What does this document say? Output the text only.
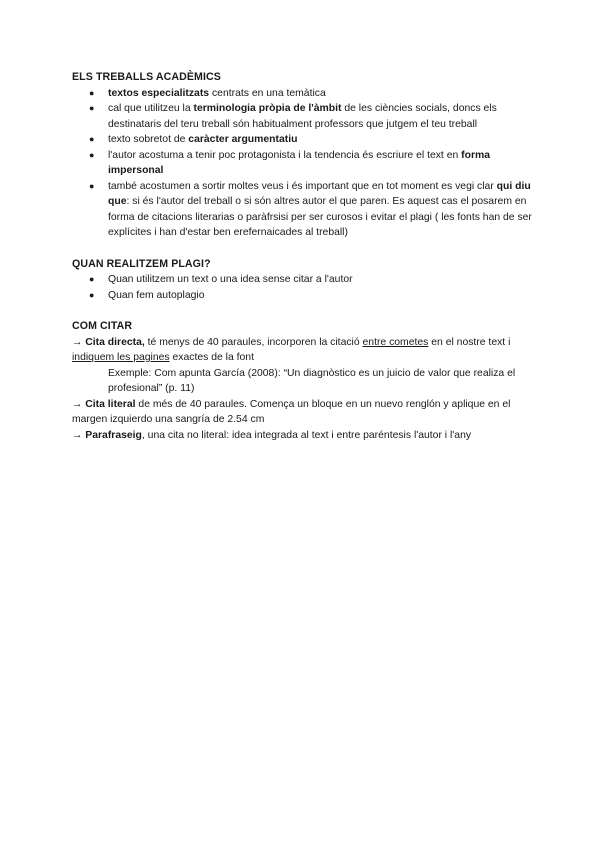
ELS TREBALLS ACADÈMICS
● textos especialitzats centrats en una temàtica
● cal que utilitzeu la terminologia pròpia de l'àmbit de les ciències socials, doncs els destinataris del teru treball són habitualment professors que jutgem el teu treball
● texto sobretot de caràcter argumentatiu
● l'autor acostuma a tenir poc protagonista i la tendencia és escriure el text en forma impersonal
● també acostumen a sortir moltes veus i és important que en tot moment es vegi clar qui diu que: si és l'autor del treball o si són altres autor el que paren. Es aquest cas el posarem en forma de citacions literarias o paràfrsisi per ser curosos i evitar el plagi ( les fonts han de ser explícites i han d'estar ben erefernaicades al treball)
QUAN REALITZEM PLAGI?
● Quan utilitzem un text o una idea sense citar a l'autor
● Quan fem autoplagio
COM CITAR

→ Cita directa, té menys de 40 paraules, incorporen la citació entre cometes en el nostre text i indiquem les pagines exactes de la font

Exemple: Com apunta García (2008): “Un diagnòstico es un juicio de valor que realiza el profesional” (p. 11)

→ Cita literal de més de 40 paraules. Comença un bloque en un nuevo renglón y aplique en el margen izquierdo una sangría de 2.54 cm

→ Parafraseig, una cita no literal: idea integrada al text i entre paréntesis l'autor i l'any
